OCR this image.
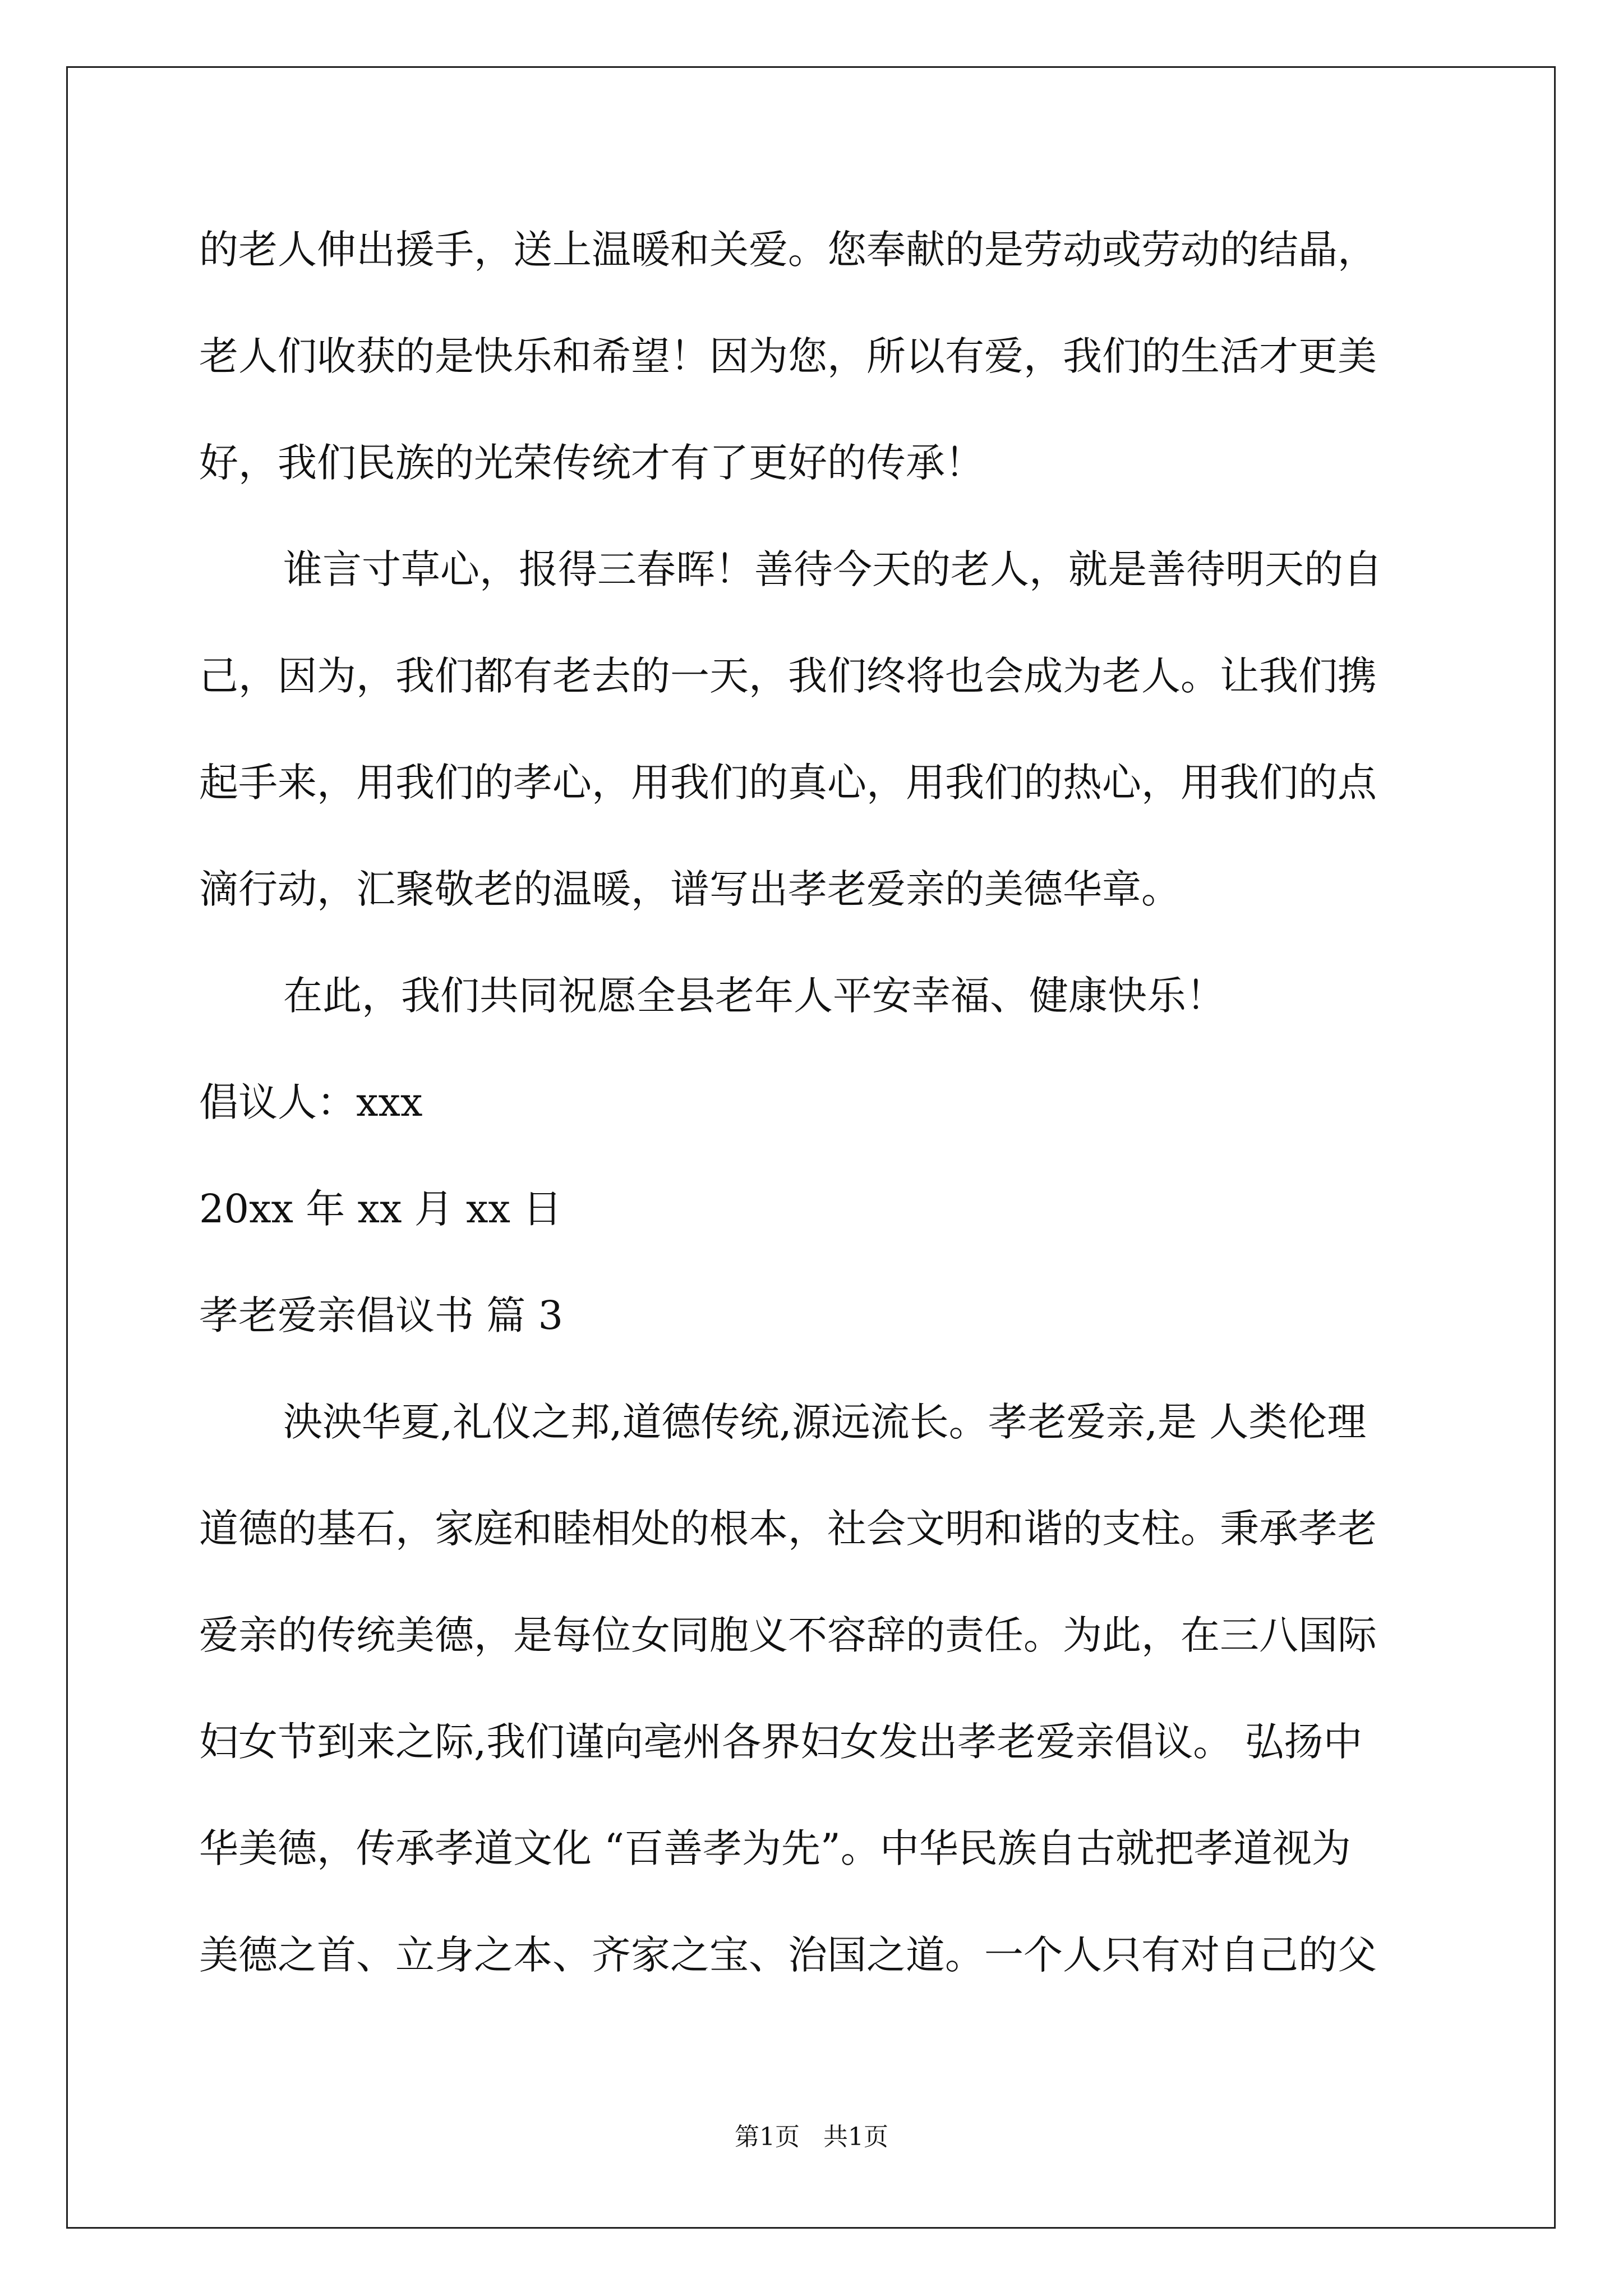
的老人伸出援手，送上温暖和关爱。您奉献的是劳动或劳动的结晶，
老人们收获的是快乐和希望！因为您，所以有爱，我们的生活才更美
好，我们民族的光荣传统才有了更好的传承！
谁言寸草心，报得三春晖！善待今天的老人，就是善待明天的自
己，因为，我们都有老去的一天，我们终将也会成为老人。让我们携
起手来，用我们的孝心，用我们的真心，用我们的热心，用我们的点
滴行动，汇聚敬老的温暖，谱写出孝老爱亲的美德华章。
在此，我们共同祝愿全县老年人平安幸福、健康快乐！
倡议人：xxx
20xx 年 xx 月 xx 日
孝老爱亲倡议书 篇 3
泱泱华夏,礼仪之邦,道德传统,源远流长。孝老爱亲,是 人类伦理
道德的基石，家庭和睦相处的根本，社会文明和谐的支柱。秉承孝老
爱亲的传统美德，是每位女同胞义不容辞的责任。为此，在三八国际
妇女节到来之际,我们谨向亳州各界妇女发出孝老爱亲倡议。 弘扬中
华美德，传承孝道文化 “百善孝为先”。中华民族自古就把孝道视为
美德之首、立身之本、齐家之宝、治国之道。一个人只有对自己的父
第1页   共1页
